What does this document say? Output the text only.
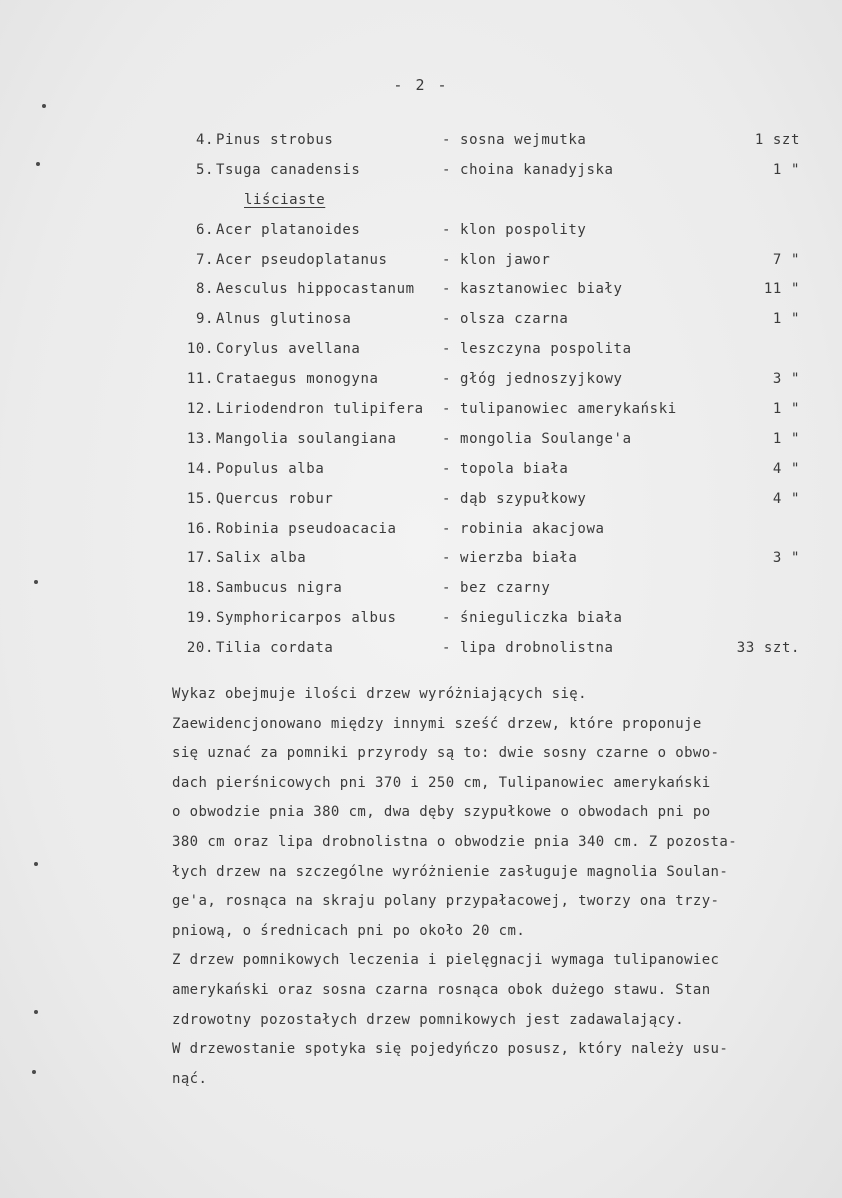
- 2 -
4. Pinus strobus	- sosna wejmutka	1 szt
5. Tsuga canadensis	- choina kanadyjska	1 "
liściaste
6. Acer platanoides	- klon pospolity
7. Acer pseudoplatanus	- klon jawor	7 "
8. Aesculus hippocastanum - kasztanowiec biały	11 "
9. Alnus glutinosa	- olsza czarna	1 "
10. Corylus avellana	- leszczyna pospolita
11. Crataegus monogyna	- głóg jednoszyjkowy	3 "
12. Liriodendron tulipifera - tulipanowiec amerykański	1 "
13. Mangolia soulangiana	- mongolia Soulange'a	1 "
14. Populus alba	- topola biała	4 "
15. Quercus robur	- dąb szypułkowy	4 "
16. Robinia pseudoacacia	- robinia akacjowa
17. Salix alba	- wierzba biała	3 "
18. Sambucus nigra	- bez czarny
19. Symphoricarpos albus	- śnieguliczka biała
20. Tilia cordata	- lipa drobnolistna	33 szt.

Wykaz obejmuje ilości drzew wyróżniających się.

Zaewidencjonowano między innymi sześć drzew, które proponuje

się uznać za pomniki przyrody są to: dwie sosny czarne o obwo-

dach pierśnicowych pni 370 i 250 cm, Tulipanowiec amerykański

o obwodzie pnia 380 cm, dwa dęby szypułkowe o obwodach pni po

380 cm oraz lipa drobnolistna o obwodzie pnia 340 cm. Z pozosta-

łych drzew na szczególne wyróżnienie zasługuje magnolia Soulan-

ge'a, rosnąca na skraju polany przypałacowej, tworzy ona trzy-

pniową, o średnicach pni po około 20 cm.

Z drzew pomnikowych leczenia i pielęgnacji wymaga tulipanowiec

amerykański oraz sosna czarna rosnąca obok dużego stawu. Stan

zdrowotny pozostałych drzew pomnikowych jest zadawalający.

W drzewostanie spotyka się pojedyńczo posusz, który należy usu-

nąć.
